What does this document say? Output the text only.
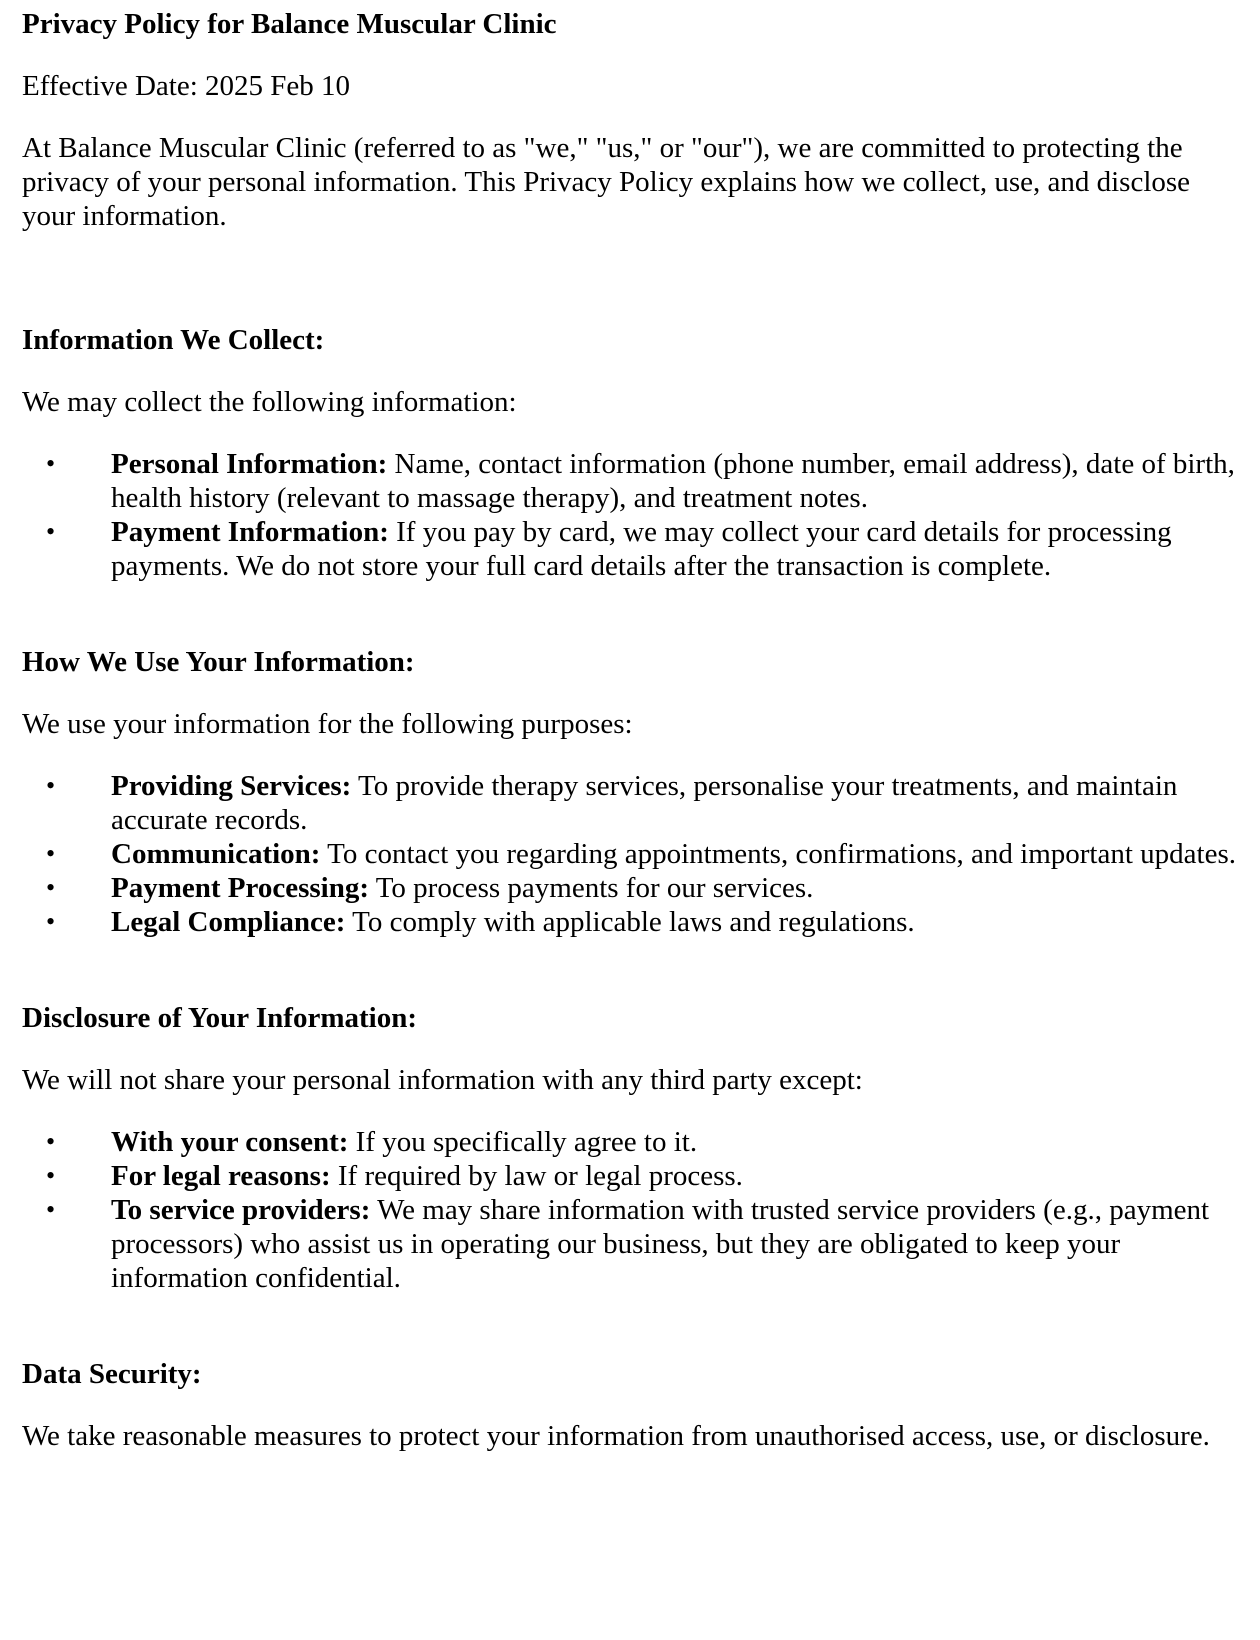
Privacy Policy for Balance Muscular Clinic

Effective Date: 2025 Feb 10

At Balance Muscular Clinic (referred to as "we," "us," or "our"), we are committed to protecting the privacy of your personal information. This Privacy Policy explains how we collect, use, and disclose your information.

Information We Collect:

We may collect the following information:

• Personal Information: Name, contact information (phone number, email address), date of birth, health history (relevant to massage therapy), and treatment notes.
• Payment Information: If you pay by card, we may collect your card details for processing payments. We do not store your full card details after the transaction is complete.
How We Use Your Information:

We use your information for the following purposes:

• Providing Services: To provide therapy services, personalise your treatments, and maintain accurate records.
• Communication: To contact you regarding appointments, confirmations, and important updates.
• Payment Processing: To process payments for our services.
• Legal Compliance: To comply with applicable laws and regulations.
Disclosure of Your Information:

We will not share your personal information with any third party except:

• With your consent: If you specifically agree to it.
• For legal reasons: If required by law or legal process.
• To service providers: We may share information with trusted service providers (e.g., payment processors) who assist us in operating our business, but they are obligated to keep your information confidential.
Data Security:

We take reasonable measures to protect your information from unauthorised access, use, or disclosure.
